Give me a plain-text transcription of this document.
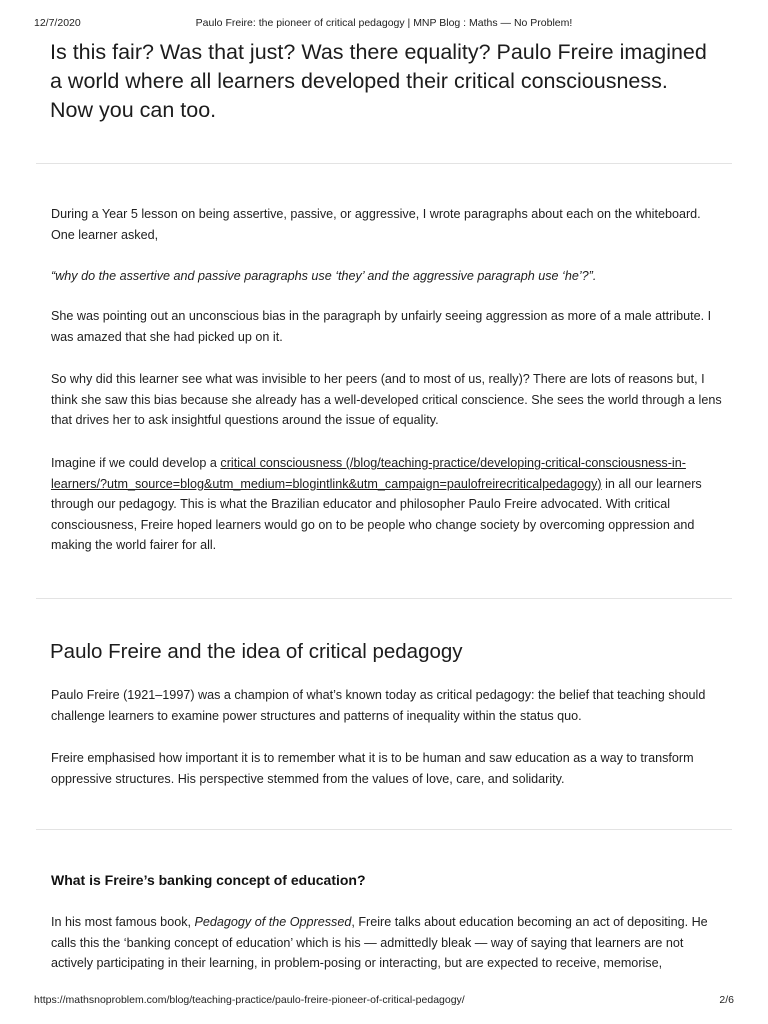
12/7/2020	Paulo Freire: the pioneer of critical pedagogy | MNP Blog : Maths — No Problem!

Is this fair? Was that just? Was there equality? Paulo Freire imagined a world where all learners developed their critical consciousness. Now you can too.

During a Year 5 lesson on being assertive, passive, or aggressive, I wrote paragraphs about each on the whiteboard. One learner asked,

“why do the assertive and passive paragraphs use ‘they’ and the aggressive paragraph use ‘he’?”.

She was pointing out an unconscious bias in the paragraph by unfairly seeing aggression as more of a male attribute. I was amazed that she had picked up on it.

So why did this learner see what was invisible to her peers (and to most of us, really)? There are lots of reasons but, I think she saw this bias because she already has a well-developed critical conscience. She sees the world through a lens that drives her to ask insightful questions around the issue of equality.

Imagine if we could develop a critical consciousness (/blog/teaching-practice/developing-critical-consciousness-in-learners/?utm_source=blog&utm_medium=blogintlink&utm_campaign=paulofreirecriticalpedagogy) in all our learners through our pedagogy. This is what the Brazilian educator and philosopher Paulo Freire advocated. With critical consciousness, Freire hoped learners would go on to be people who change society by overcoming oppression and making the world fairer for all.

Paulo Freire and the idea of critical pedagogy

Paulo Freire (1921–1997) was a champion of what’s known today as critical pedagogy: the belief that teaching should challenge learners to examine power structures and patterns of inequality within the status quo.

Freire emphasised how important it is to remember what it is to be human and saw education as a way to transform oppressive structures. His perspective stemmed from the values of love, care, and solidarity.

What is Freire’s banking concept of education?

In his most famous book, Pedagogy of the Oppressed, Freire talks about education becoming an act of depositing. He calls this the ‘banking concept of education’ which is his — admittedly bleak — way of saying that learners are not actively participating in their learning, in problem-posing or interacting, but are expected to receive, memorise,

https://mathsnoproblem.com/blog/teaching-practice/paulo-freire-pioneer-of-critical-pedagogy/	2/6
